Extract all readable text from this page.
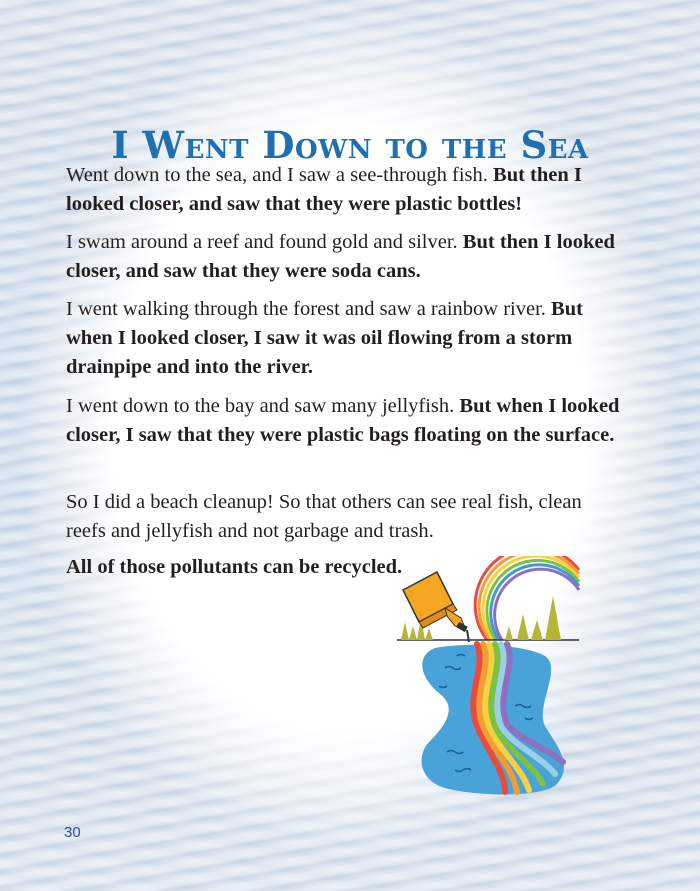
I Went Down to the Sea

Went down to the sea, and I saw a see-through fish. But then I looked closer, and saw that they were plastic bottles!

I swam around a reef and found gold and silver. But then I looked closer, and saw that they were soda cans.

I went walking through the forest and saw a rainbow river. But when I looked closer, I saw it was oil flowing from a storm drainpipe and into the river.

I went down to the bay and saw many jellyfish. But when I looked closer, I saw that they were plastic bags floating on the surface.

So I did a beach cleanup! So that others can see real fish, clean reefs and jellyfish and not garbage and trash.

All of those pollutants can be recycled.

30
